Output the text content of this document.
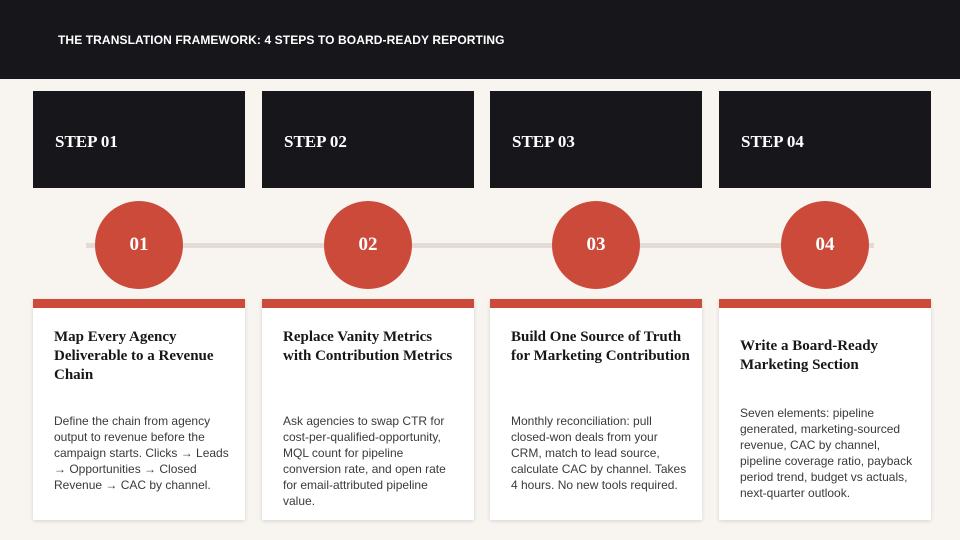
THE TRANSLATION FRAMEWORK: 4 STEPS TO BOARD-READY REPORTING
STEP 01	STEP 02	STEP 03	STEP 04
01	02	03	04
Map Every Agency Deliverable to a Revenue Chain
Define the chain from agency output to revenue before the campaign starts. Clicks → Leads → Opportunities → Closed Revenue → CAC by channel.
Replace Vanity Metrics with Contribution Metrics
Ask agencies to swap CTR for cost-per-qualified-opportunity, MQL count for pipeline conversion rate, and open rate for email-attributed pipeline value.
Build One Source of Truth for Marketing Contribution
Monthly reconciliation: pull closed-won deals from your CRM, match to lead source, calculate CAC by channel. Takes 4 hours. No new tools required.
Write a Board-Ready Marketing Section
Seven elements: pipeline generated, marketing-sourced revenue, CAC by channel, pipeline coverage ratio, payback period trend, budget vs actuals, next-quarter outlook.
